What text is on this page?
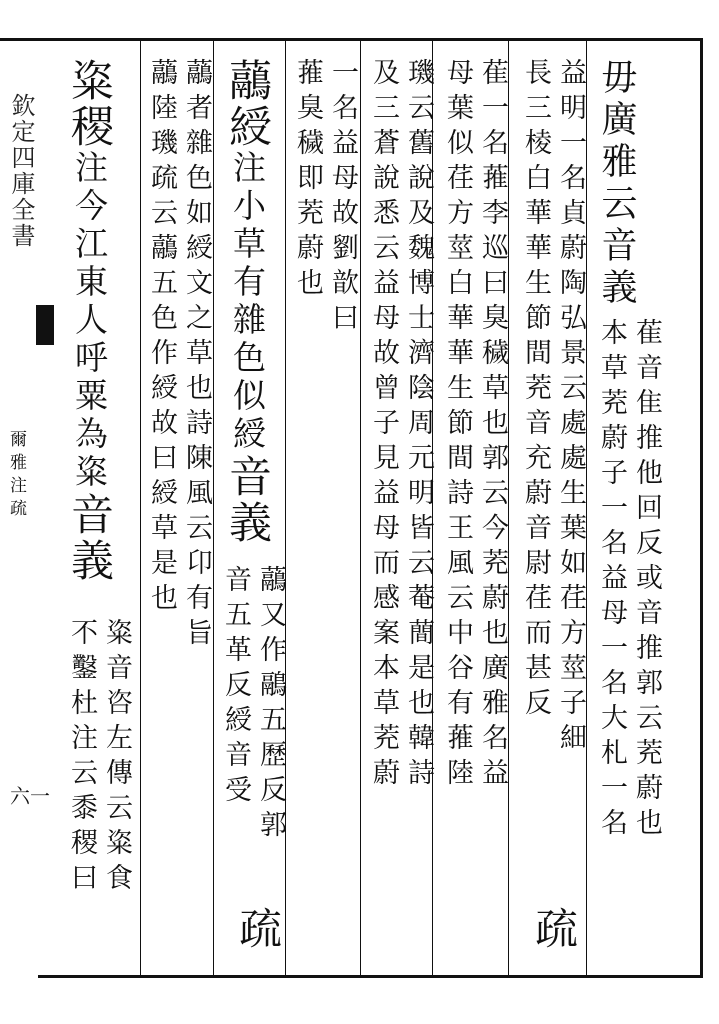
欽定四庫全書
爾雅注疏
六一
毋廣雅云音義
萑音隹推他回反或音推郭云茺蔚也
本草茺蔚子一名益母一名大札一名
益明一名貞蔚陶弘景云處處生葉如荏方莖子細
長三棱白華華生節間茺音充蔚音尉荏而甚反
疏
萑一名蓷李巡曰臭穢草也郭云今茺蔚也廣雅名益
母葉似荏方莖白華華生節間詩王風云中谷有蓷陸
璣云舊說及魏博士濟陰周元明皆云菴蕳是也韓詩
及三蒼說悉云益母故曾子見益母而感案本草茺蔚
一名益母故劉歆曰
蓷臭穢即茺蔚也
虉綬注小草有雜色似綬音義
虉又作鷊五歷反郭
音五革反綬音受
疏
虉者雜色如綬文之草也詩陳風云卬有旨
虉陸璣疏云虉五色作綬故曰綬草是也
粢稷注今江東人呼粟為粢音義
粢音咨左傳云粢食
不鑿杜注云黍稷曰
